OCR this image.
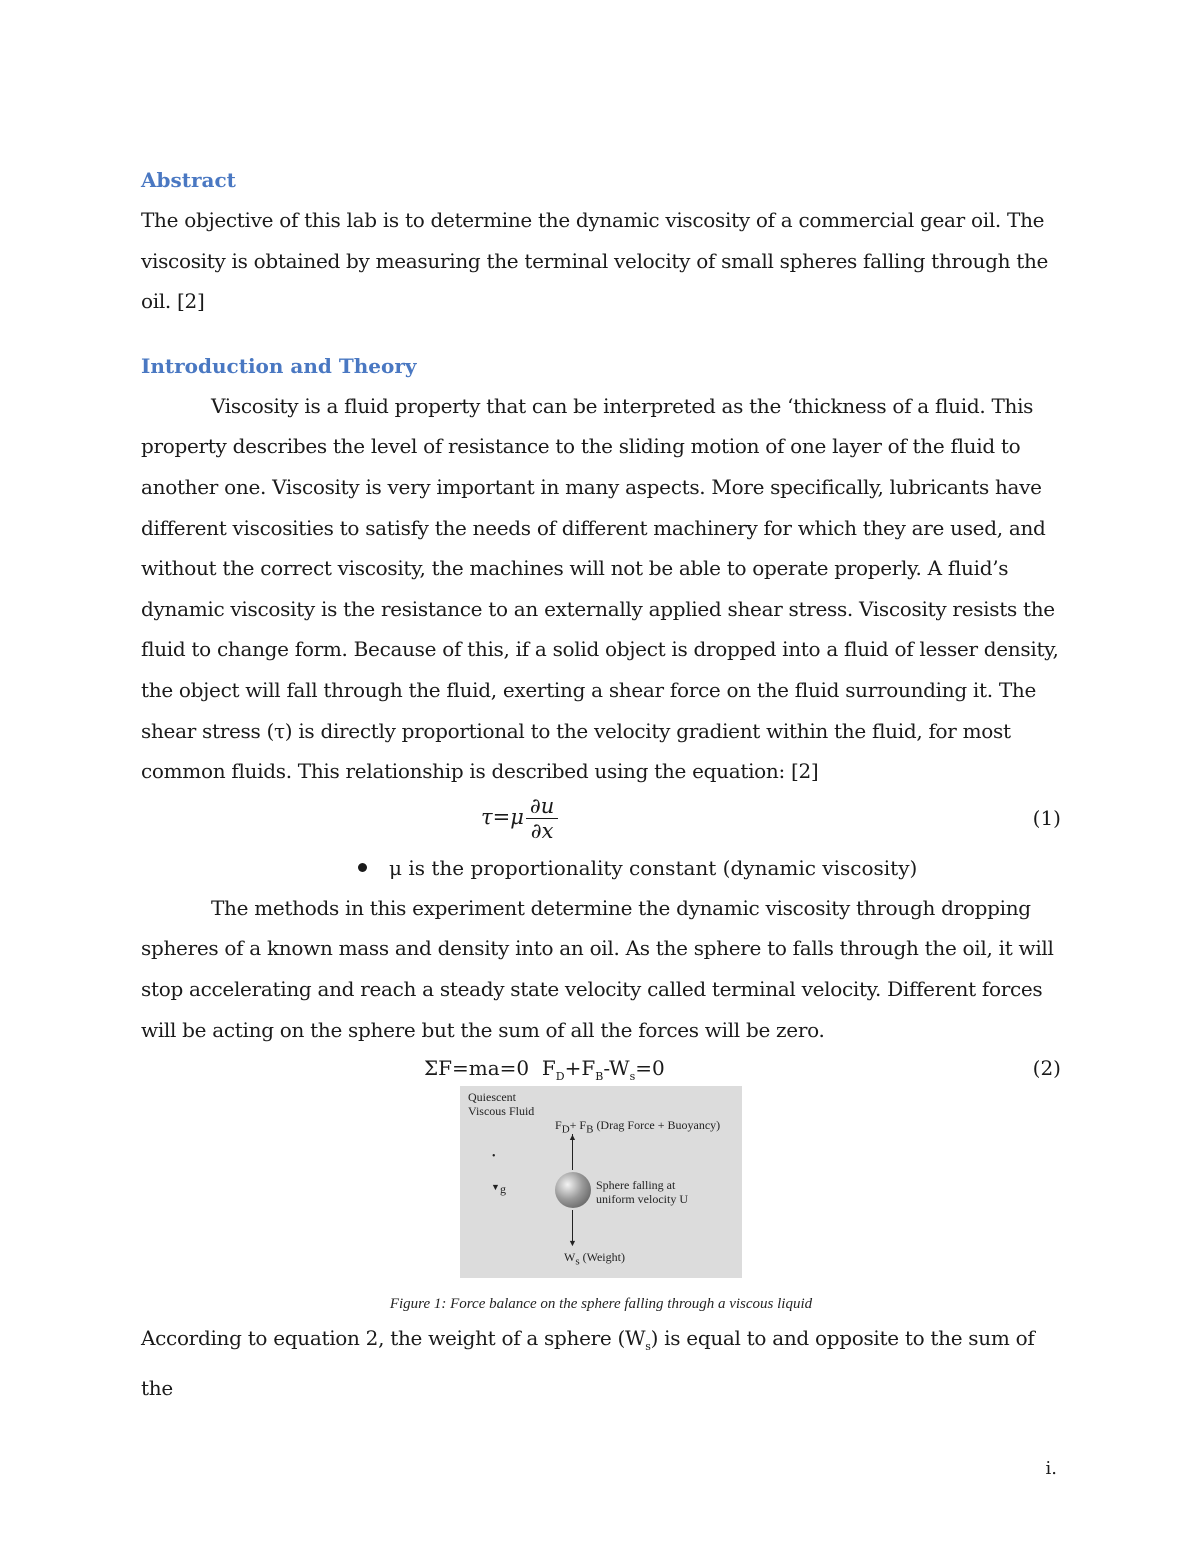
Abstract

The objective of this lab is to determine the dynamic viscosity of a commercial gear oil. The viscosity is obtained by measuring the terminal velocity of small spheres falling through the oil. [2]

Introduction and Theory

Viscosity is a fluid property that can be interpreted as the ‘thickness of a fluid. This property describes the level of resistance to the sliding motion of one layer of the fluid to another one. Viscosity is very important in many aspects. More specifically, lubricants have different viscosities to satisfy the needs of different machinery for which they are used, and without the correct viscosity, the machines will not be able to operate properly. A fluid’s dynamic viscosity is the resistance to an externally applied shear stress. Viscosity resists the fluid to change form. Because of this, if a solid object is dropped into a fluid of lesser density, the object will fall through the fluid, exerting a shear force on the fluid surrounding it. The shear stress (τ) is directly proportional to the velocity gradient within the fluid, for most common fluids. This relationship is described using the equation: [2]

$\tau=\mu \frac{\partial u}{\partial x}$	(1)
μ is the proportionality constant (dynamic viscosity)

The methods in this experiment determine the dynamic viscosity through dropping spheres of a known mass and density into an oil. As the sphere to falls through the oil, it will stop accelerating and reach a steady state velocity called terminal velocity. Different forces will be acting on the sphere but the sum of all the forces will be zero.

ΣF=ma=0 $F_D+F_B-W_s=0$	(2)
Quiescent
Viscous Fluid
$F_D+ F_B$ (Drag Force + Buoyancy)
▲
•
▼ g	Sphere falling at
uniform velocity U
▼
$W_s$ (Weight)
Figure 1: Force balance on the sphere falling through a viscous liquid

According to equation 2, the weight of a sphere $(W_s)$ is equal to and opposite to the sum of the

i.
